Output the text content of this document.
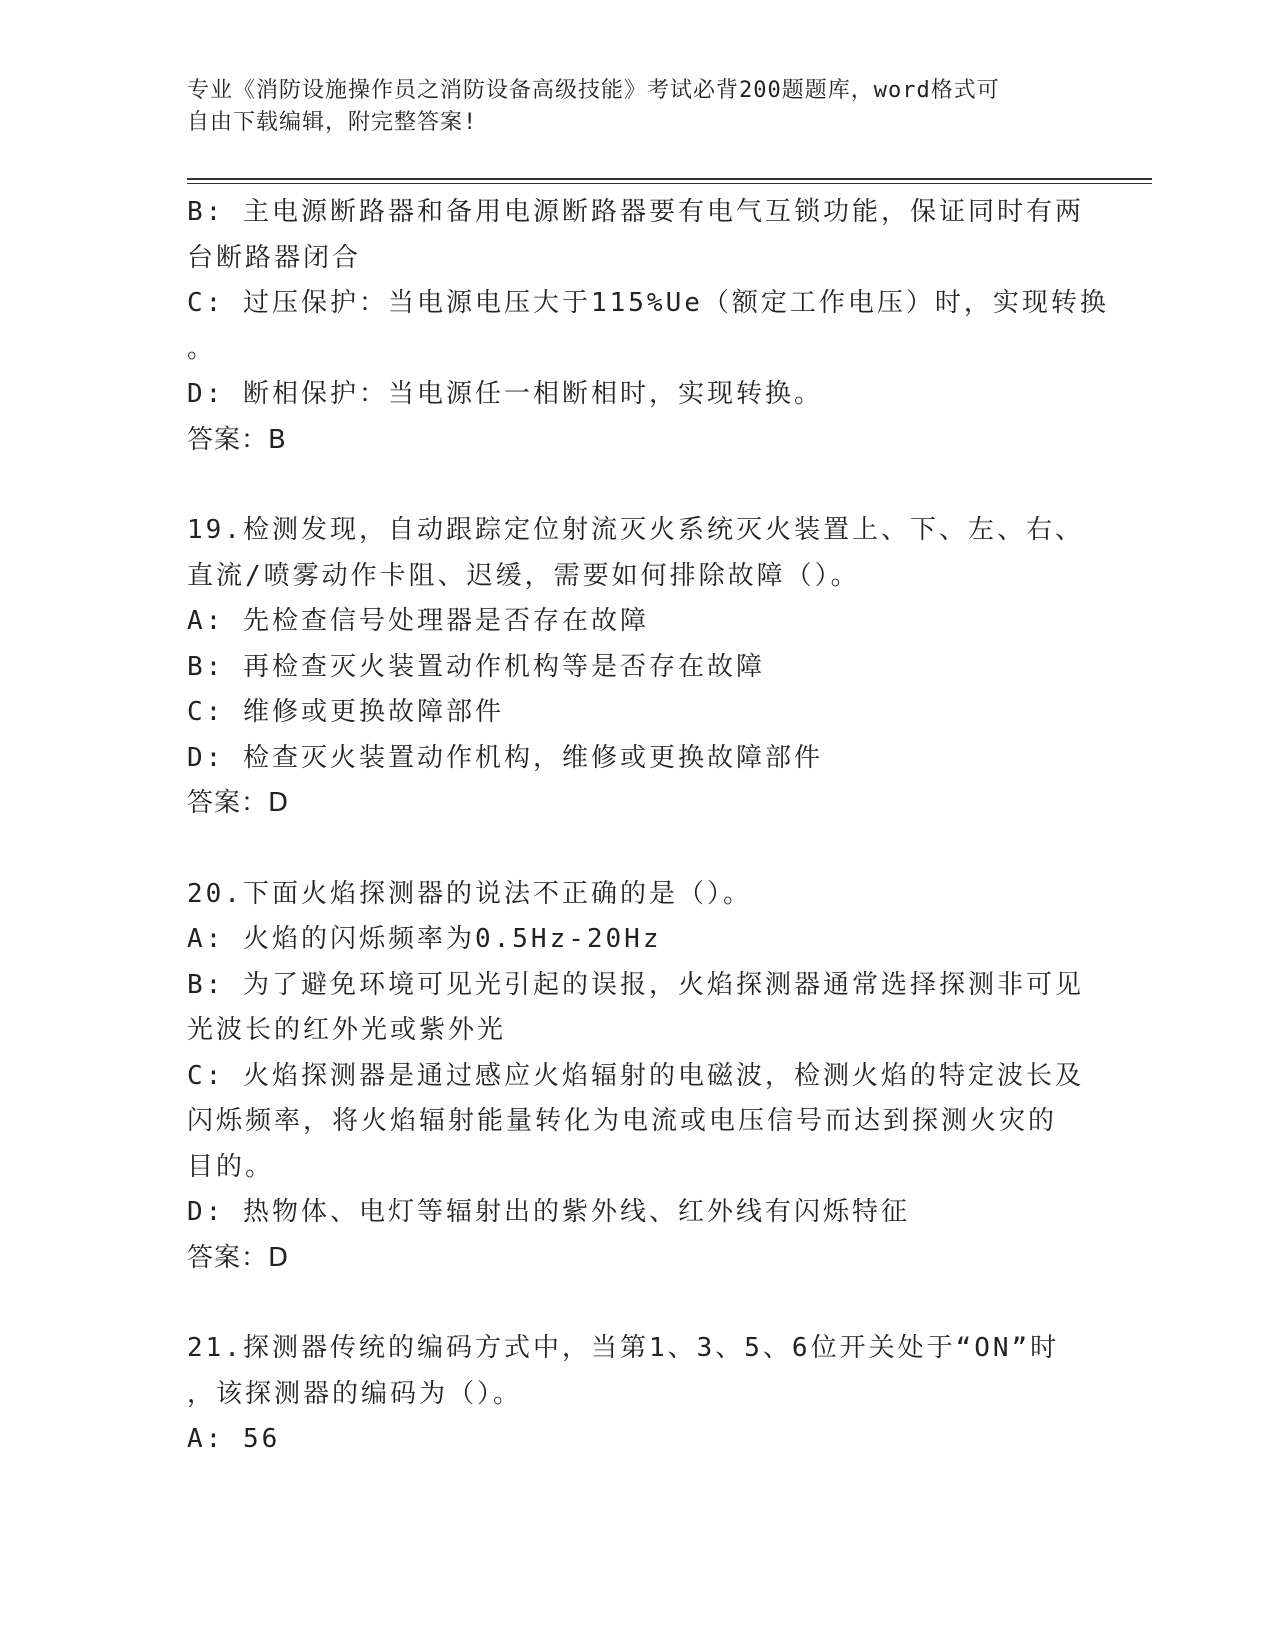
专业《消防设施操作员之消防设备高级技能》考试必背200题题库，word格式可
自由下载编辑，附完整答案!
B: 主电源断路器和备用电源断路器要有电气互锁功能，保证同时有两
台断路器闭合
C: 过压保护：当电源电压大于115%Ue（额定工作电压）时，实现转换
。
D: 断相保护：当电源任一相断相时，实现转换。
答案：B
19.检测发现，自动跟踪定位射流灭火系统灭火装置上、下、左、右、
直流/喷雾动作卡阻、迟缓，需要如何排除故障（）。
A: 先检查信号处理器是否存在故障
B: 再检查灭火装置动作机构等是否存在故障
C: 维修或更换故障部件
D: 检查灭火装置动作机构，维修或更换故障部件
答案：D
20.下面火焰探测器的说法不正确的是（）。
A: 火焰的闪烁频率为0.5Hz-20Hz
B: 为了避免环境可见光引起的误报，火焰探测器通常选择探测非可见
光波长的红外光或紫外光
C: 火焰探测器是通过感应火焰辐射的电磁波，检测火焰的特定波长及
闪烁频率，将火焰辐射能量转化为电流或电压信号而达到探测火灾的
目的。
D: 热物体、电灯等辐射出的紫外线、红外线有闪烁特征
答案：D
21.探测器传统的编码方式中，当第1、3、5、6位开关处于“ON”时
，该探测器的编码为（）。
A: 56
